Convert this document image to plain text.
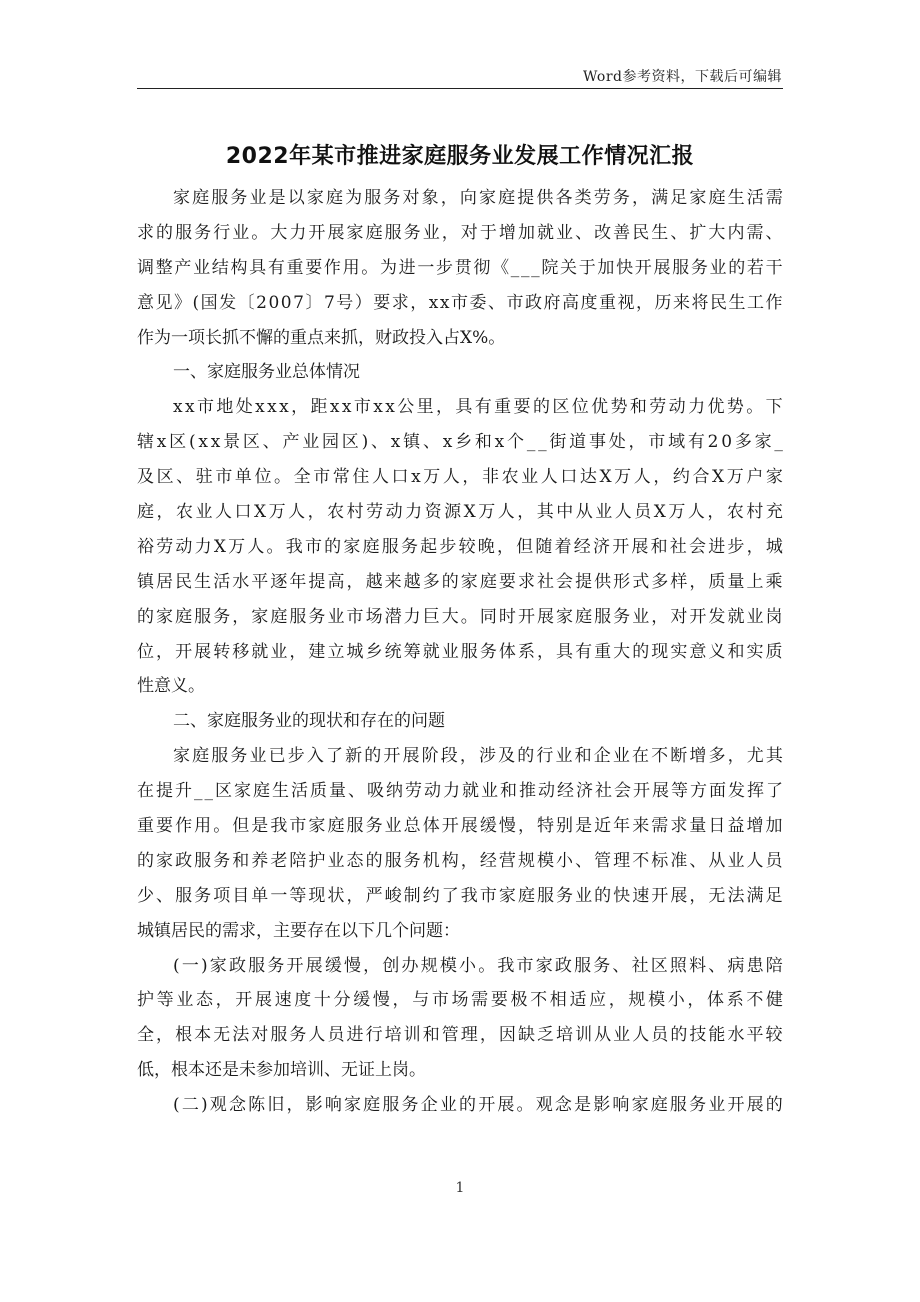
Word参考资料，下载后可编辑
2022年某市推进家庭服务业发展工作情况汇报
家 庭 服 务 业 是 以 家 庭 为 服 务 对 象 ， 向 家 庭 提 供 各 类 劳 务 ， 满 足 家 庭 生 活 需
求 的 服 务 行 业 。 大 力 开 展 家 庭 服 务 业 ， 对 于 增 加 就 业 、 改 善 民 生 、 扩 大 内 需 、
调 整 产 业 结 构 具 有 重 要 作 用 。 为 进 一 步 贯 彻 《 _ _ _ 院 关 于 加 快 开 展 服 务 业 的 若 干
意 见 》 ( 国 发 〔 2 0 0 7 〕 7 号 ） 要 求 ， x x 市 委 、 市 政 府 高 度 重 视 ， 历 来 将 民 生 工 作
作 为 一 项 长 抓 不 懈 的 重 点 来 抓 ， 财 政 投 入 占 X % 。
一 、 家 庭 服 务 业 总 体 情 况
x x 市 地 处 x x x ， 距 x x 市 x x 公 里 ， 具 有 重 要 的 区 位 优 势 和 劳 动 力 优 势 。 下
辖 x 区 ( x x 景 区 、 产 业 园 区 ) 、 x 镇 、 x 乡 和 x 个 _ _ 街 道 事 处 ， 市 域 有 2 0 多 家 _
及 区 、 驻 市 单 位 。 全 市 常 住 人 口 x 万 人 ， 非 农 业 人 口 达 X 万 人 ， 约 合 X 万 户 家
庭 ， 农 业 人 口 X 万 人 ， 农 村 劳 动 力 资 源 X 万 人 ， 其 中 从 业 人 员 X 万 人 ， 农 村 充
裕 劳 动 力 X 万 人 。 我 市 的 家 庭 服 务 起 步 较 晚 ， 但 随 着 经 济 开 展 和 社 会 进 步 ， 城
镇 居 民 生 活 水 平 逐 年 提 高 ， 越 来 越 多 的 家 庭 要 求 社 会 提 供 形 式 多 样 ， 质 量 上 乘
的 家 庭 服 务 ， 家 庭 服 务 业 市 场 潜 力 巨 大 。 同 时 开 展 家 庭 服 务 业 ， 对 开 发 就 业 岗
位 ， 开 展 转 移 就 业 ， 建 立 城 乡 统 筹 就 业 服 务 体 系 ， 具 有 重 大 的 现 实 意 义 和 实 质
性 意 义 。
二 、 家 庭 服 务 业 的 现 状 和 存 在 的 问 题
家 庭 服 务 业 已 步 入 了 新 的 开 展 阶 段 ， 涉 及 的 行 业 和 企 业 在 不 断 增 多 ， 尤 其
在 提 升 _ _ 区 家 庭 生 活 质 量 、 吸 纳 劳 动 力 就 业 和 推 动 经 济 社 会 开 展 等 方 面 发 挥 了
重 要 作 用 。 但 是 我 市 家 庭 服 务 业 总 体 开 展 缓 慢 ， 特 别 是 近 年 来 需 求 量 日 益 增 加
的 家 政 服 务 和 养 老 陪 护 业 态 的 服 务 机 构 ， 经 营 规 模 小 、 管 理 不 标 准 、 从 业 人 员
少 、 服 务 项 目 单 一 等 现 状 ， 严 峻 制 约 了 我 市 家 庭 服 务 业 的 快 速 开 展 ， 无 法 满 足
城 镇 居 民 的 需 求 ， 主 要 存 在 以 下 几 个 问 题 ：
( 一 ) 家 政 服 务 开 展 缓 慢 ， 创 办 规 模 小 。 我 市 家 政 服 务 、 社 区 照 料 、 病 患 陪
护 等 业 态 ， 开 展 速 度 十 分 缓 慢 ， 与 市 场 需 要 极 不 相 适 应 ， 规 模 小 ， 体 系 不 健
全 ， 根 本 无 法 对 服 务 人 员 进 行 培 训 和 管 理 ， 因 缺 乏 培 训 从 业 人 员 的 技 能 水 平 较
低 ， 根 本 还 是 未 参 加 培 训 、 无 证 上 岗 。
( 二 ) 观 念 陈 旧 ， 影 响 家 庭 服 务 企 业 的 开 展 。 观 念 是 影 响 家 庭 服 务 业 开 展 的
1
